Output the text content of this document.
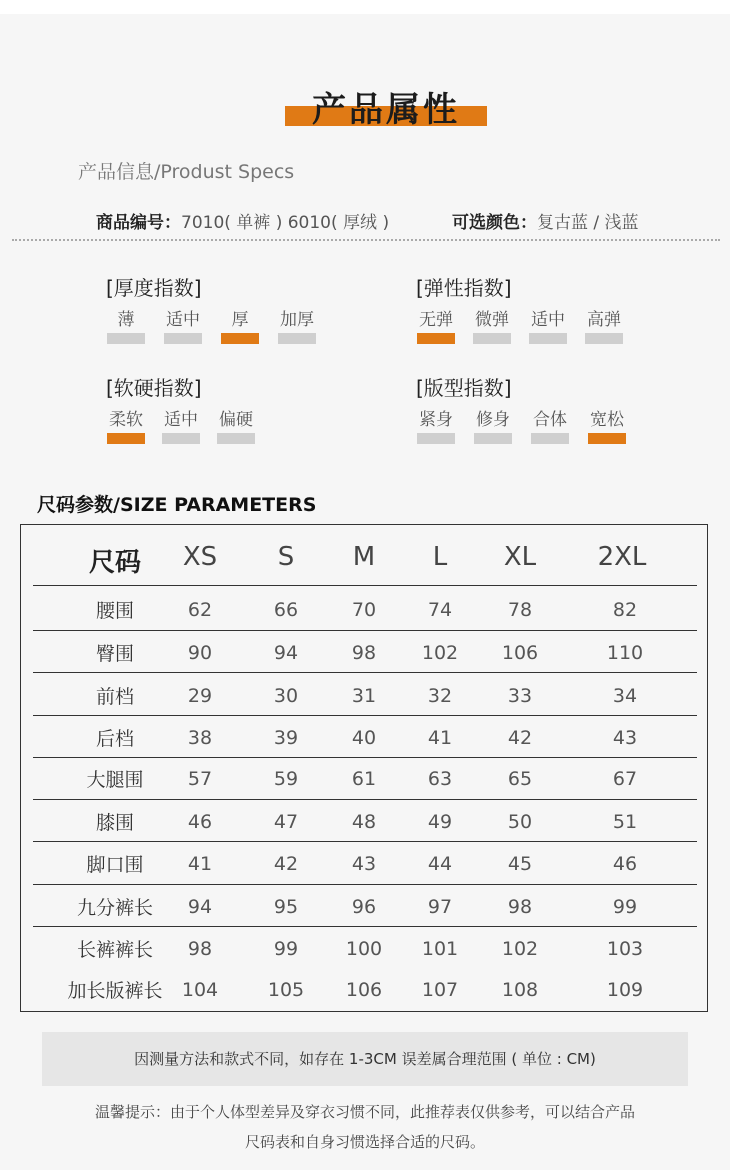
产品属性
产品信息/Produst Specs
商品编号：7010( 单裤 ) 6010( 厚绒 )	可选颜色：复古蓝 / 浅蓝
[厚度指数]
薄	适中	厚	加厚
[弹性指数]
无弹 微弹 适中 高弹
[软硬指数]
柔软 适中 偏硬
[版型指数]
紧身 修身 合体 宽松
尺码参数/SIZE PARAMETERS
尺码	XS	S	M	L	XL	2XL
腰围	62	66	70	74	78	82
臀围	90	94	98	102	106	110
前档	29	30	31	32	33	34
后档	38	39	40	41	42	43
大腿围	57	59	61	63	65	67
膝围	46	47	48	49	50	51
脚口围	41	42	43	44	45	46
九分裤长	94	95	96	97	98	99
长裤裤长	98	99	100	101	102	103
加长版裤长	104	105	106	107	108	109
因测量方法和款式不同，如存在 1-3CM 误差属合理范围 ( 单位 : CM)
温馨提示：由于个人体型差异及穿衣习惯不同，此推荐表仅供参考，可以结合产品
尺码表和自身习惯选择合适的尺码。
